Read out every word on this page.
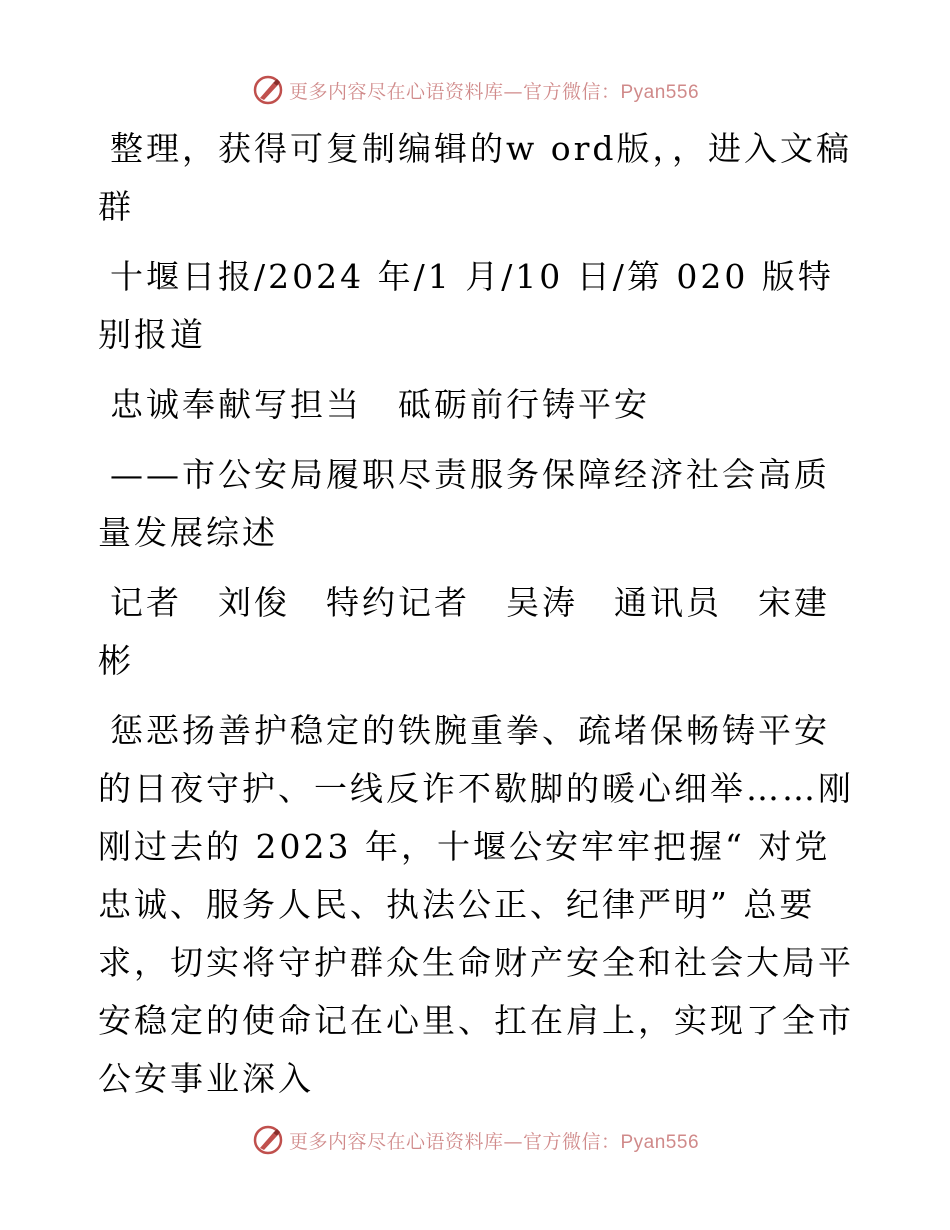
更多内容尽在心语资料库—官方微信：Pyan556

整理，获得可复制编辑的w ord版，，进入文稿群

十堰日报/2024 年/1 月/10 日/第 020 版特别报道

忠诚奉献写担当　砥砺前行铸平安

——市公安局履职尽责服务保障经济社会高质量发展综述

记者　刘俊　特约记者　吴涛　通讯员　宋建彬

惩恶扬善护稳定的铁腕重拳、疏堵保畅铸平安的日夜守护、一线反诈不歇脚的暖心细举……刚刚过去的 2023 年，十堰公安牢牢把握“ 对党忠诚、服务人民、执法公正、纪律严明” 总要求，切实将守护群众生命财产安全和社会大局平安稳定的使命记在心里、扛在肩上，实现了全市公安事业深入

更多内容尽在心语资料库—官方微信：Pyan556
